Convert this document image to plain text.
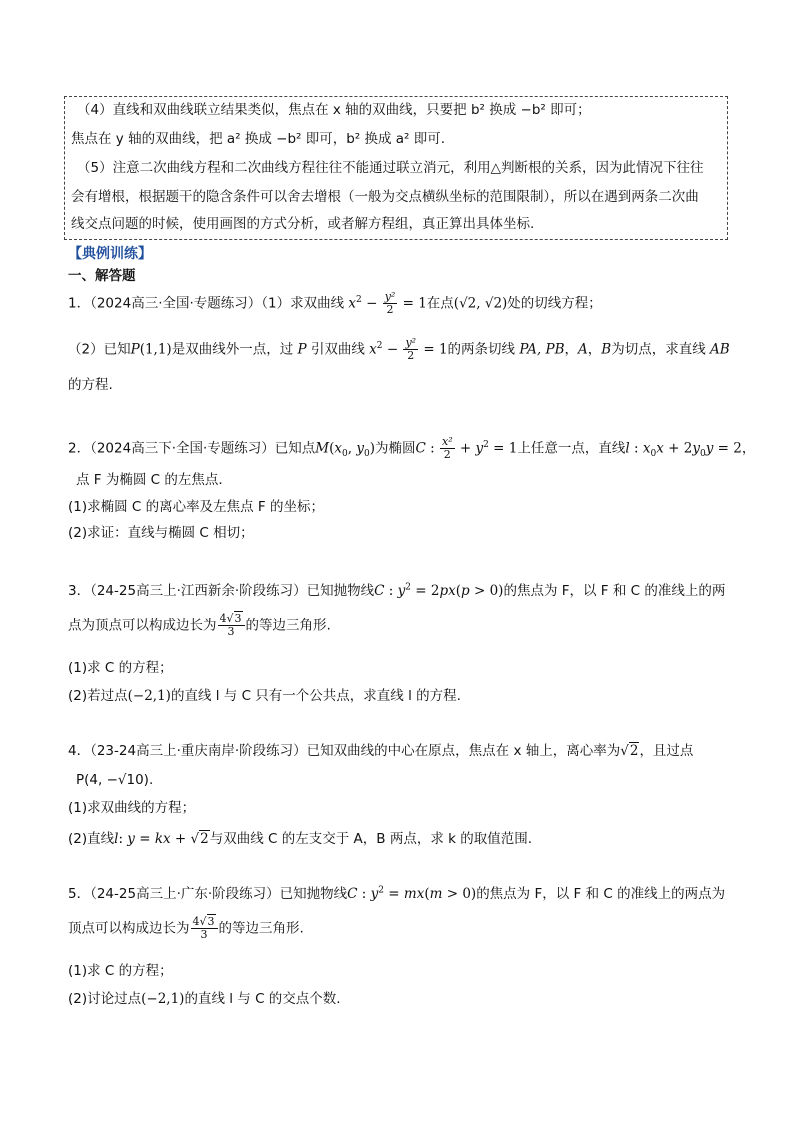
（4）直线和双曲线联立结果类似，焦点在 x 轴的双曲线，只要把 b² 换成 −b² 即可；
焦点在 y 轴的双曲线，把 a² 换成 −b² 即可，b² 换成 a² 即可.
（5）注意二次曲线方程和二次曲线方程往往不能通过联立消元，利用△判断根的关系，因为此情况下往往
会有增根，根据题干的隐含条件可以舍去增根（一般为交点横纵坐标的范围限制），所以在遇到两条二次曲
线交点问题的时候，使用画图的方式分析，或者解方程组，真正算出具体坐标.
【典例训练】
一、解答题
1．（2024高三·全国·专题练习）（1）求双曲线 $x^2 - \frac{\text{y²}}{2} = 1$在点(√2, √2)处的切线方程；
（2）已知P(1,1)是双曲线外一点，过 P 引双曲线 $x^2 - \frac{\text{y²}}{2} = 1$的两条切线 PA, PB，A，B为切点，求直线 AB
的方程.
2．（2024高三下·全国·专题练习）已知点$M(x_0$, $y_0$)为椭圆C : $\frac{\text{x²}}{2} + y^2 = 1$上任意一点，直线l : $x_0x + 2y_0y = 2$，
点 F 为椭圆 C 的左焦点.
(1)求椭圆 C 的离心率及左焦点 F 的坐标；
(2)求证：直线与椭圆 C 相切；
3．（24-25高三上·江西新余·阶段练习）已知抛物线C : $y^2 = 2px(p > 0)$的焦点为 F，以 F 和 C 的准线上的两
点为顶点可以构成边长为 $\frac{4√3}{3}$ 的等边三角形.
(1)求 C 的方程；
(2)若过点(−2,1)的直线 l 与 C 只有一个公共点，求直线 l 的方程.
4．（23-24高三上·重庆南岸·阶段练习）已知双曲线的中心在原点，焦点在 x 轴上，离心率为√2，且过点
P(4, −√10).
(1)求双曲线的方程；
(2)直线l: y = kx + √2与双曲线 C 的左支交于 A，B 两点，求 k 的取值范围.
5．（24-25高三上·广东·阶段练习）已知抛物线C : $y^2 = mx(m > 0)$的焦点为 F，以 F 和 C 的准线上的两点为
顶点可以构成边长为 $\frac{4√3}{3}$ 的等边三角形.
(1)求 C 的方程；
(2)讨论过点(−2,1)的直线 l 与 C 的交点个数.
